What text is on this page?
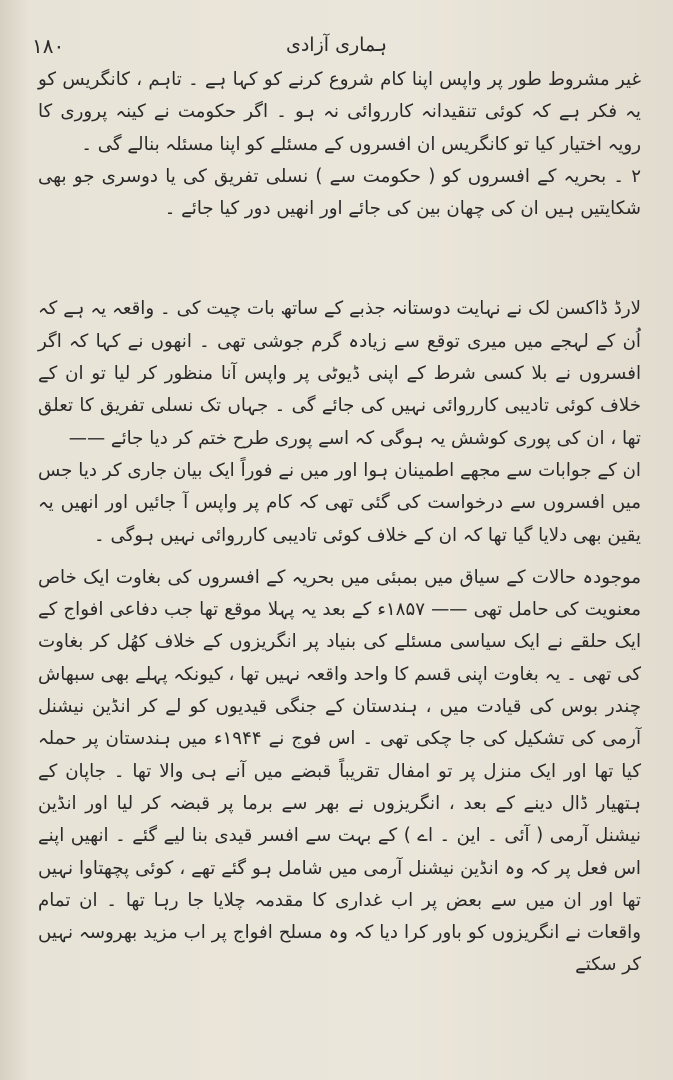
۱۸۰	ہماری آزادی

غیر مشروط طور پر واپس اپنا کام شروع کرنے کو کہا ہے ۔ تاہم ، کانگریس کو یہ فکر ہے کہ کوئی تنقیدانہ کارروائی نہ ہو ۔ اگر حکومت نے کینہ پروری کا رویہ اختیار کیا تو کانگریس ان افسروں کے مسئلے کو اپنا مسئلہ بنالے گی ۔

۲ ۔ بحریہ کے افسروں کو ( حکومت سے ) نسلی تفریق کی یا دوسری جو بھی شکایتیں ہیں ان کی چھان بین کی جائے اور انھیں دور کیا جائے ۔

لارڈ ڈاکسن لک نے نہایت دوستانہ جذبے کے ساتھ بات چیت کی ۔ واقعہ یہ ہے کہ اُن کے لہجے میں میری توقع سے زیادہ گرم جوشی تھی ۔ انھوں نے کہا کہ اگر افسروں نے بلا کسی شرط کے اپنی ڈیوٹی پر واپس آنا منظور کر لیا تو ان کے خلاف کوئی تادیبی کارروائی نہیں کی جائے گی ۔ جہاں تک نسلی تفریق کا تعلق تھا ، ان کی پوری کوشش یہ ہوگی کہ اسے پوری طرح ختم کر دیا جائے ——

ان کے جوابات سے مجھے اطمینان ہوا اور میں نے فوراً ایک بیان جاری کر دیا جس میں افسروں سے درخواست کی گئی تھی کہ کام پر واپس آ جائیں اور انھیں یہ یقین بھی دلایا گیا تھا کہ ان کے خلاف کوئی تادیبی کارروائی نہیں ہوگی ۔

موجودہ حالات کے سیاق میں بمبئی میں بحریہ کے افسروں کی بغاوت ایک خاص معنویت کی حامل تھی —— ۱۸۵۷ء کے بعد یہ پہلا موقع تھا جب دفاعی افواج کے ایک حلقے نے ایک سیاسی مسئلے کی بنیاد پر انگریزوں کے خلاف کھُل کر بغاوت کی تھی ۔ یہ بغاوت اپنی قسم کا واحد واقعہ نہیں تھا ، کیونکہ پہلے بھی سبھاش چندر بوس کی قیادت میں ، ہندستان کے جنگی قیدیوں کو لے کر انڈین نیشنل آرمی کی تشکیل کی جا چکی تھی ۔ اس فوج نے ۱۹۴۴ء میں ہندستان پر حملہ کیا تھا اور ایک منزل پر تو امفال تقریباً قبضے میں آنے ہی والا تھا ۔ جاپان کے ہتھیار ڈال دینے کے بعد ، انگریزوں نے بھر سے برما پر قبضہ کر لیا اور انڈین نیشنل آرمی ( آئی ۔ این ۔ اے ) کے بہت سے افسر قیدی بنا لیے گئے ۔ انھیں اپنے اس فعل پر کہ وہ انڈین نیشنل آرمی میں شامل ہو گئے تھے ، کوئی پچھتاوا نہیں تھا اور ان میں سے بعض پر اب غداری کا مقدمہ چلایا جا رہا تھا ۔ ان تمام واقعات نے انگریزوں کو باور کرا دیا کہ وہ مسلح افواج پر اب مزید بھروسہ نہیں کر سکتے
